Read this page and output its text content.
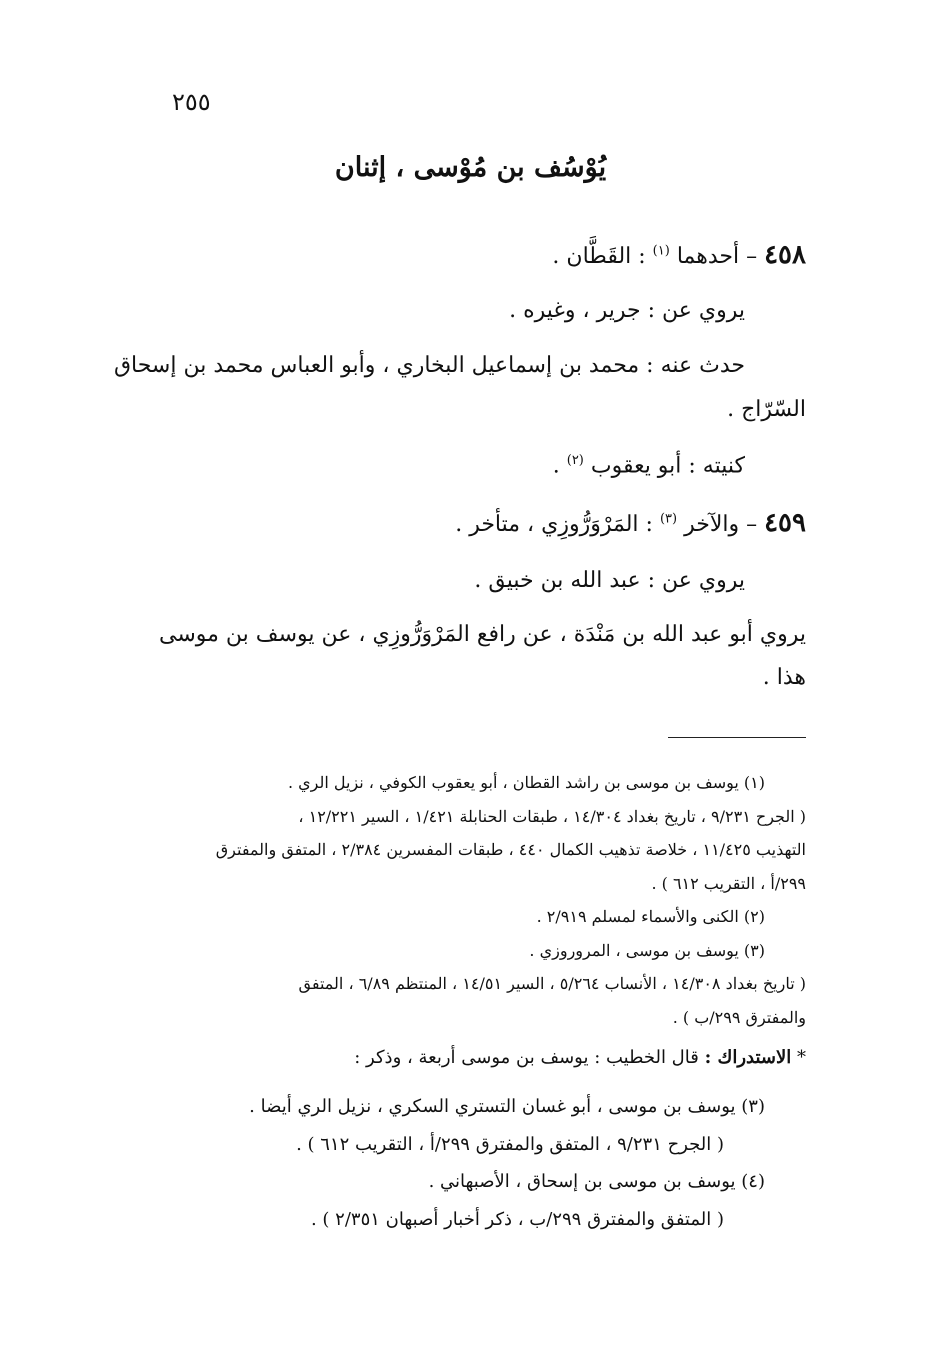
٢٥٥
يُوْسُف بن مُوْسى ، إثنان
٤٥٨ – أحدهما $^{(١)}$ : القَطَّان .
يروي عن : جرير ، وغيره .
حدث عنه : محمد بن إسماعيل البخاري ، وأبو العباس محمد بن إسحاق
السّرّاج .
كنيته : أبو يعقوب $^{(٢)}$ .
٤٥٩ – والآخر $^{(٣)}$ : المَرْوَرُّوزِي ، متأخر .
يروي عن : عبد الله بن خبيق .
يروي أبو عبد الله بن مَنْدَة ، عن رافع المَرْوَرُّوزِي ، عن يوسف بن موسى
هذا .
(١) يوسف بن موسى بن راشد القطان ، أبو يعقوب الكوفي ، نزيل الري .
( الجرح ٩/٢٣١ ، تاريخ بغداد ١٤/٣٠٤ ، طبقات الحنابلة ١/٤٢١ ، السير ١٢/٢٢١ ،
التهذيب ١١/٤٢٥ ، خلاصة تذهيب الكمال ٤٤٠ ، طبقات المفسرين ٢/٣٨٤ ، المتفق والمفترق
٢٩٩/أ ، التقريب ٦١٢ ) .
(٢) الكنى والأسماء لمسلم ٢/٩١٩ .
(٣) يوسف بن موسى ، المروروزي .
( تاريخ بغداد ١٤/٣٠٨ ، الأنساب ٥/٢٦٤ ، السير ١٤/٥١ ، المنتظم ٦/٨٩ ، المتفق
والمفترق ٢٩٩/ب ) .
* الاستدراك : قال الخطيب : يوسف بن موسى أربعة ، وذكر :
(٣) يوسف بن موسى ، أبو غسان التستري السكري ، نزيل الري أيضا .
( الجرح ٩/٢٣١ ، المتفق والمفترق ٢٩٩/أ ، التقريب ٦١٢ ) .
(٤) يوسف بن موسى بن إسحاق ، الأصبهاني .
( المتفق والمفترق ٢٩٩/ب ، ذكر أخبار أصبهان ٢/٣٥١ ) .
